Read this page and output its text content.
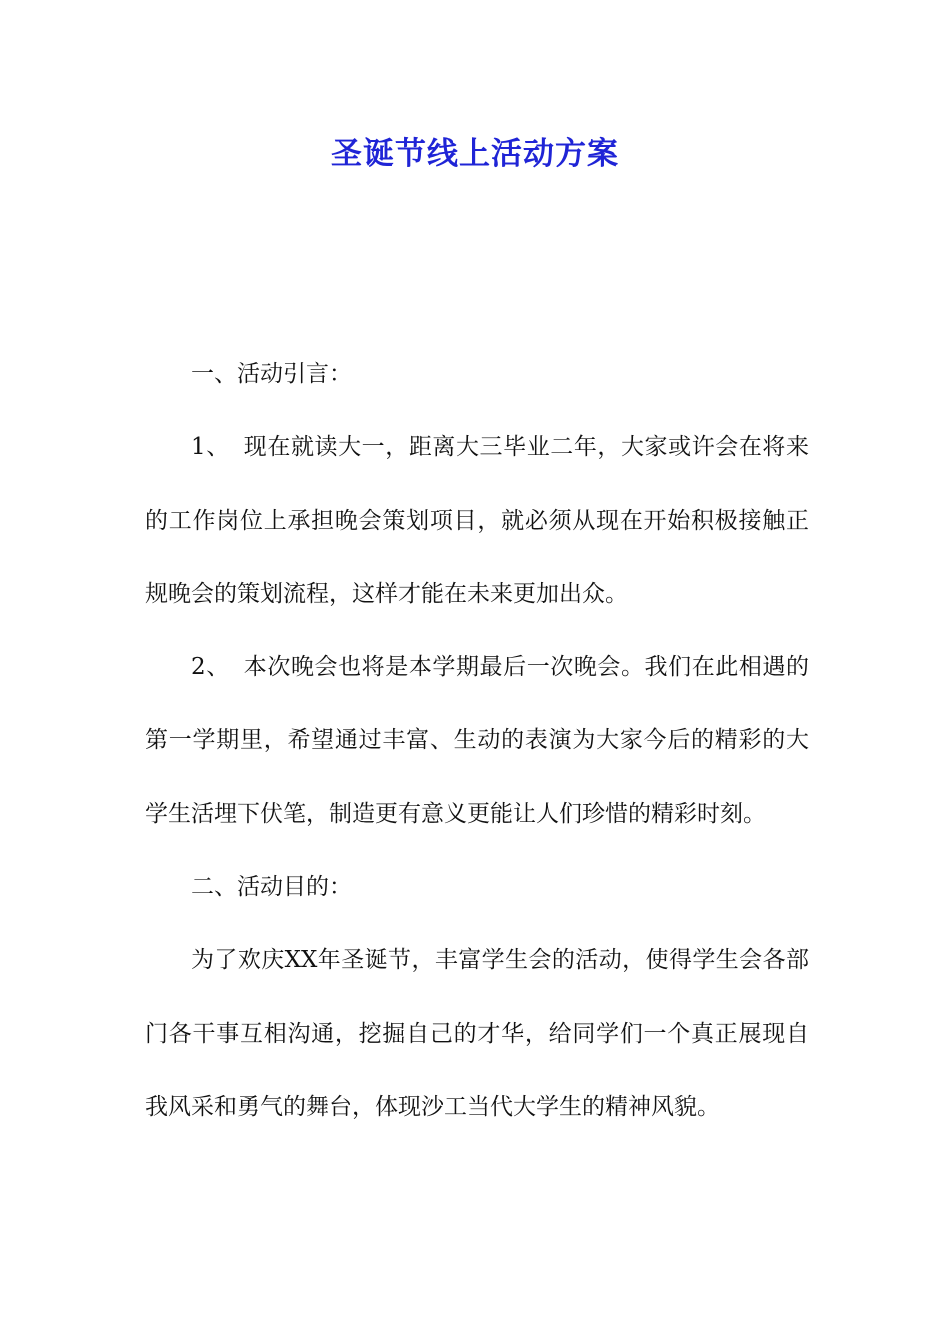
圣诞节线上活动方案

一、活动引言：

1、 现在就读大一，距离大三毕业二年，大家或许会在将来的工作岗位上承担晚会策划项目，就必须从现在开始积极接触正规晚会的策划流程，这样才能在未来更加出众。

2、 本次晚会也将是本学期最后一次晚会。我们在此相遇的第一学期里，希望通过丰富、生动的表演为大家今后的精彩的大学生活埋下伏笔，制造更有意义更能让人们珍惜的精彩时刻。

二、活动目的：

为了欢庆XX年圣诞节，丰富学生会的活动，使得学生会各部门各干事互相沟通，挖掘自己的才华，给同学们一个真正展现自我风采和勇气的舞台，体现沙工当代大学生的精神风貌。
